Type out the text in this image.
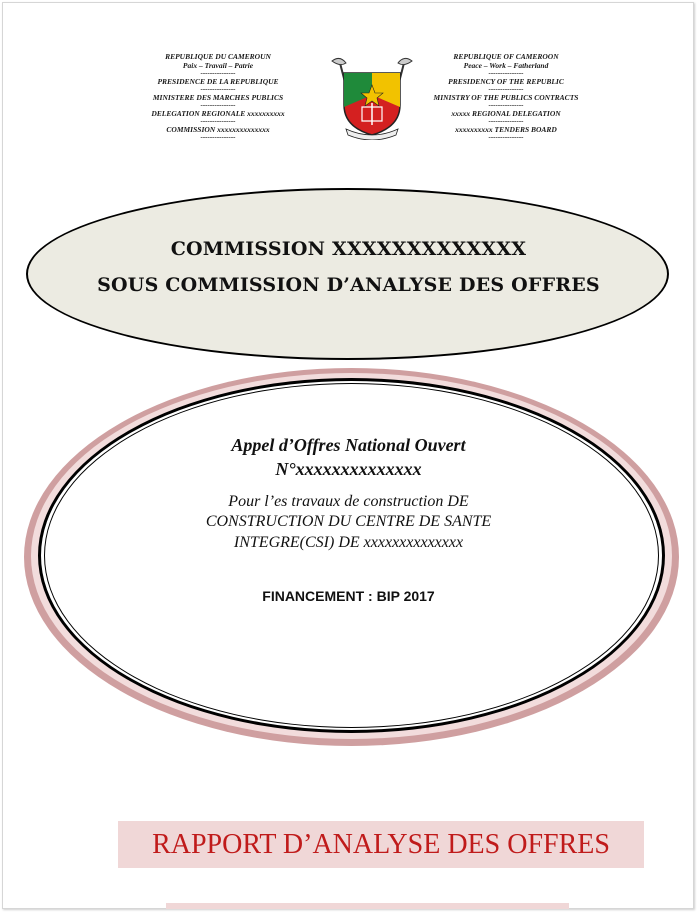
REPUBLIQUE DU CAMEROUN
Paix – Travail – Patrie
---------------
PRESIDENCE DE LA REPUBLIQUE
---------------
MINISTERE DES MARCHES PUBLICS
---------------
DELEGATION REGIONALE xxxxxxxxxx
---------------
COMMISSION xxxxxxxxxxxxxx
---------------
REPUBLIQUE OF CAMEROON
Peace – Work – Fatherland
---------------
PRESIDENCY OF THE REPUBLIC
---------------
MINISTRY OF THE PUBLICS CONTRACTS
---------------
xxxxx REGIONAL DELEGATION
---------------
xxxxxxxxxx TENDERS BOARD
---------------
COMMISSION XXXXXXXXXXXXX
SOUS COMMISSION D’ANALYSE DES OFFRES
Appel d’Offres National Ouvert
N°xxxxxxxxxxxxxx
Pour l’es travaux de construction DE
CONSTRUCTION DU CENTRE DE SANTE
INTEGRE(CSI) DE xxxxxxxxxxxxxx
FINANCEMENT : BIP 2017
RAPPORT D’ANALYSE DES OFFRES
